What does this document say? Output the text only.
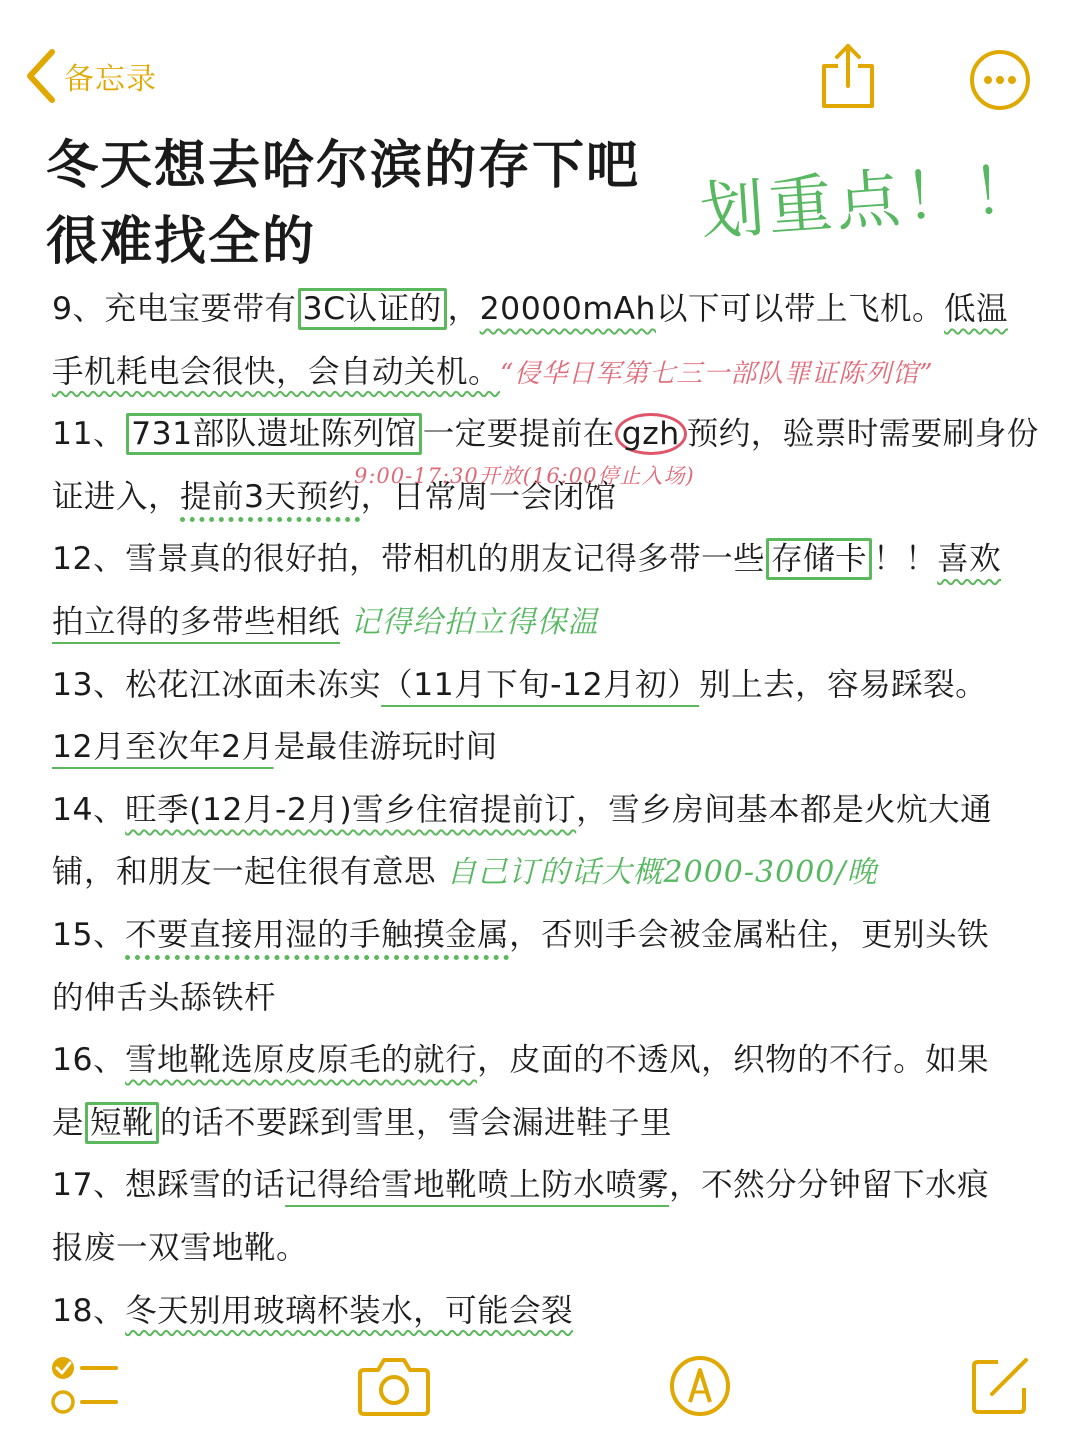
备忘录
冬天想去哈尔滨的存下吧
很难找全的	划重点！！
9、充电宝要带有 3C认证的 ，20000mAh以下可以带上飞机。低温
手机耗电会很快，会自动关机。“侵华日军第七三一部队罪证陈列馆”
11、 731部队遗址陈列馆 一定要提前在 gzh 预约，验票时需要刷身份
证进入，提前3天预约，日常周一会闭馆
12、雪景真的很好拍，带相机的朋友记得多带一些 存储卡 ！！喜欢
拍立得的多带些相纸 记得给拍立得保温
13、松花江冰面未冻实（11月下旬-12月初）别上去，容易踩裂。
12月至次年2月是最佳游玩时间
14、旺季(12月-2月)雪乡住宿提前订，雪乡房间基本都是火炕大通
铺，和朋友一起住很有意思 自己订的话大概2000-3000/晚
15、不要直接用湿的手触摸金属，否则手会被金属粘住，更别头铁
的伸舌头舔铁杆
16、雪地靴选原皮原毛的就行，皮面的不透风，织物的不行。如果
是 短靴 的话不要踩到雪里，雪会漏进鞋子里
17、想踩雪的话记得给雪地靴喷上防水喷雾，不然分分钟留下水痕
报废一双雪地靴。
18、冬天别用玻璃杯装水，可能会裂
9:00-17:30开放(16:00停止入场)
